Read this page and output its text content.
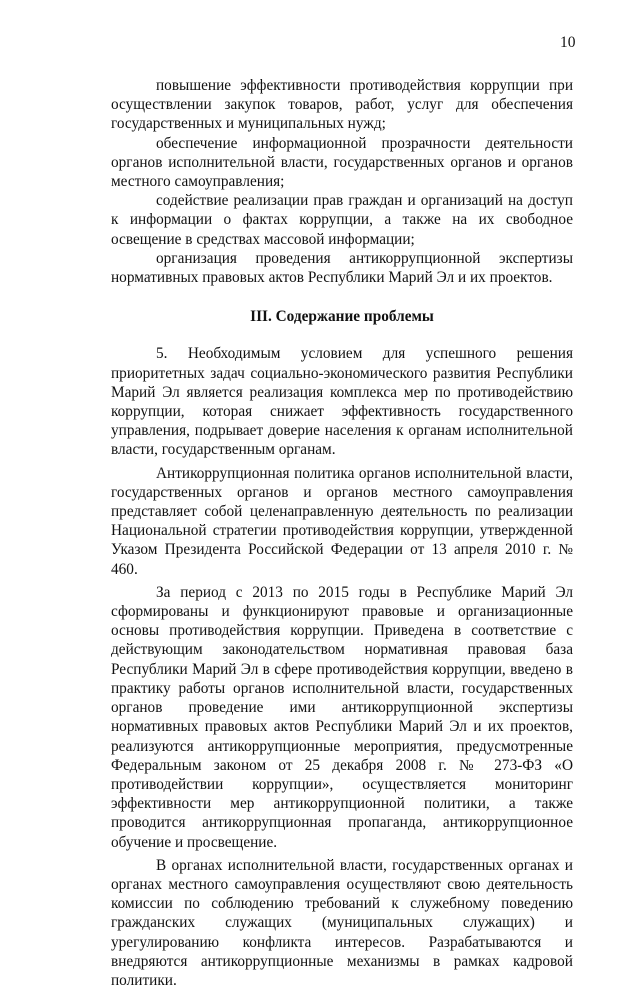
10

повышение эффективности противодействия коррупции при осуществлении закупок товаров, работ, услуг для обеспечения государственных и муниципальных нужд;

обеспечение информационной прозрачности деятельности органов исполнительной власти, государственных органов и органов местного самоуправления;

содействие реализации прав граждан и организаций на доступ к информации о фактах коррупции, а также на их свободное освещение в средствах массовой информации;

организация проведения антикоррупционной экспертизы нормативных правовых актов Республики Марий Эл и их проектов.

III. Содержание проблемы

5. Необходимым условием для успешного решения приоритетных задач социально-экономического развития Республики Марий Эл является реализация комплекса мер по противодействию коррупции, которая снижает эффективность государственного управления, подрывает доверие населения к органам исполнительной власти, государственным органам.

Антикоррупционная политика органов исполнительной власти, государственных органов и органов местного самоуправления представляет собой целенаправленную деятельность по реализации Национальной стратегии противодействия коррупции, утвержденной Указом Президента Российской Федерации от 13 апреля 2010 г. № 460.

За период с 2013 по 2015 годы в Республике Марий Эл сформированы и функционируют правовые и организационные основы противодействия коррупции. Приведена в соответствие с действующим законодательством нормативная правовая база Республики Марий Эл в сфере противодействия коррупции, введено в практику работы органов исполнительной власти, государственных органов проведение ими антикоррупционной экспертизы нормативных правовых актов Республики Марий Эл и их проектов, реализуются антикоррупционные мероприятия, предусмотренные Федеральным законом от 25 декабря 2008 г. № 273-ФЗ «О противодействии коррупции», осуществляется мониторинг эффективности мер антикоррупционной политики, а также проводится антикоррупционная пропаганда, антикоррупционное обучение и просвещение.

В органах исполнительной власти, государственных органах и органах местного самоуправления осуществляют свою деятельность комиссии по соблюдению требований к служебному поведению гражданских служащих (муниципальных служащих) и урегулированию конфликта интересов. Разрабатываются и внедряются антикоррупционные механизмы в рамках кадровой политики.
